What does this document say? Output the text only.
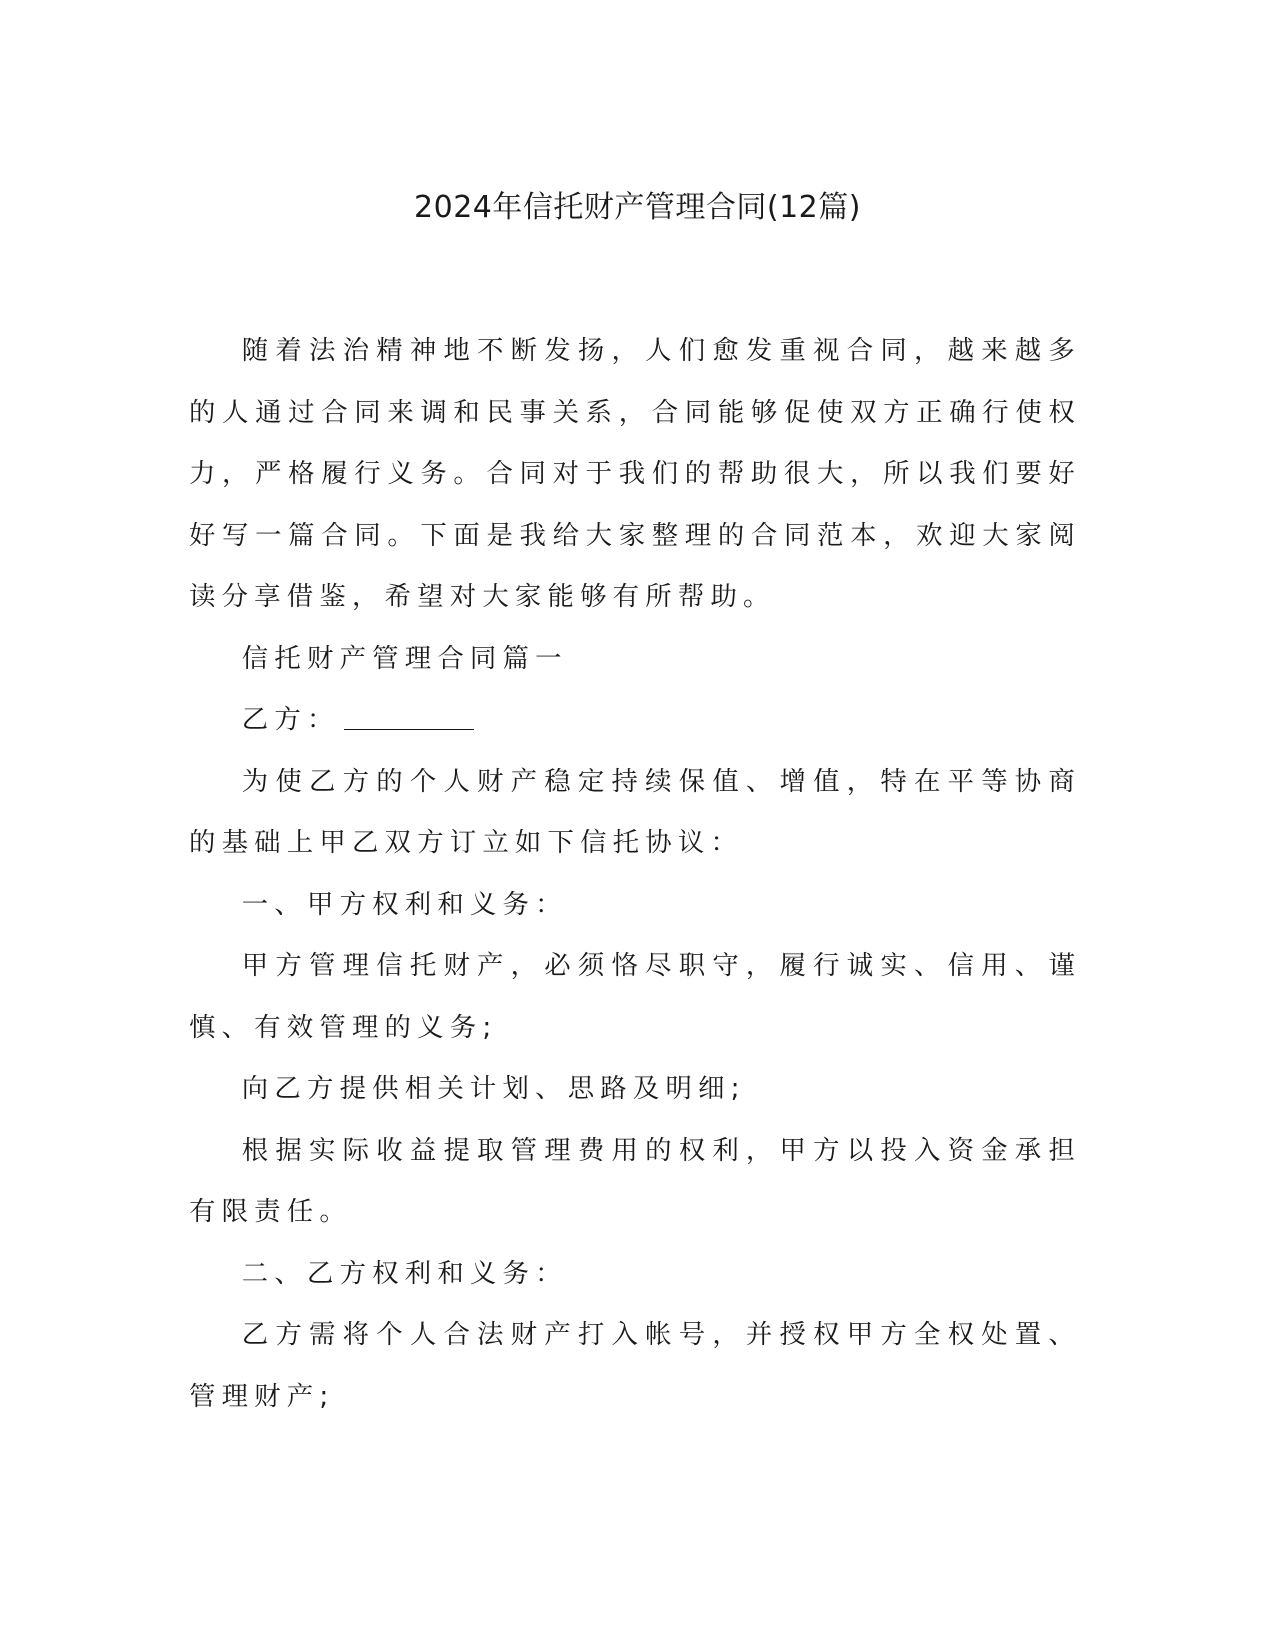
2024年信托财产管理合同(12篇)

随着法治精神地不断发扬，人们愈发重视合同，越来越多的人通过合同来调和民事关系，合同能够促使双方正确行使权力，严格履行义务。合同对于我们的帮助很大，所以我们要好好写一篇合同。下面是我给大家整理的合同范本，欢迎大家阅读分享借鉴，希望对大家能够有所帮助。

信托财产管理合同篇一

乙方：

为使乙方的个人财产稳定持续保值、增值，特在平等协商的基础上甲乙双方订立如下信托协议：

一、甲方权利和义务：

甲方管理信托财产，必须恪尽职守，履行诚实、信用、谨慎、有效管理的义务;

向乙方提供相关计划、思路及明细;

根据实际收益提取管理费用的权利，甲方以投入资金承担有限责任。

二、乙方权利和义务：

乙方需将个人合法财产打入帐号，并授权甲方全权处置、管理财产;
